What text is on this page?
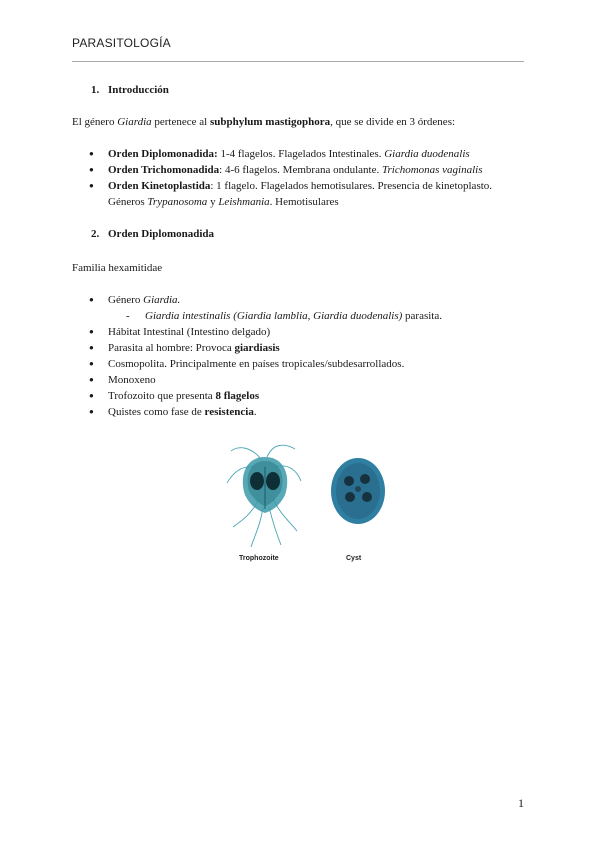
PARASITOLOGÍA
1. Introducción

El género Giardia pertenece al subphylum mastigophora, que se divide en 3 órdenes:

● Orden Diplomonadida: 1-4 flagelos. Flagelados Intestinales. Giardia duodenalis
● Orden Trichomonadida: 4-6 flagelos. Membrana ondulante. Trichomonas vaginalis
● Orden Kinetoplastida: 1 flagelo. Flagelados hemotisulares. Presencia de kinetoplasto. Géneros Trypanosoma y Leishmania. Hemotisulares
2. Orden Diplomonadida

Familia hexamitidae

● Género Giardia.
- Giardia intestinalis (Giardia lamblia, Giardia duodenalis) parasita.
● Hábitat Intestinal (Intestino delgado)
● Parasita al hombre: Provoca giardiasis
● Cosmopolita. Principalmente en países tropicales/subdesarrollados.
● Monoxeno
● Trofozoito que presenta 8 flagelos
● Quistes como fase de resistencia.
Trophozoite	Cyst
1
